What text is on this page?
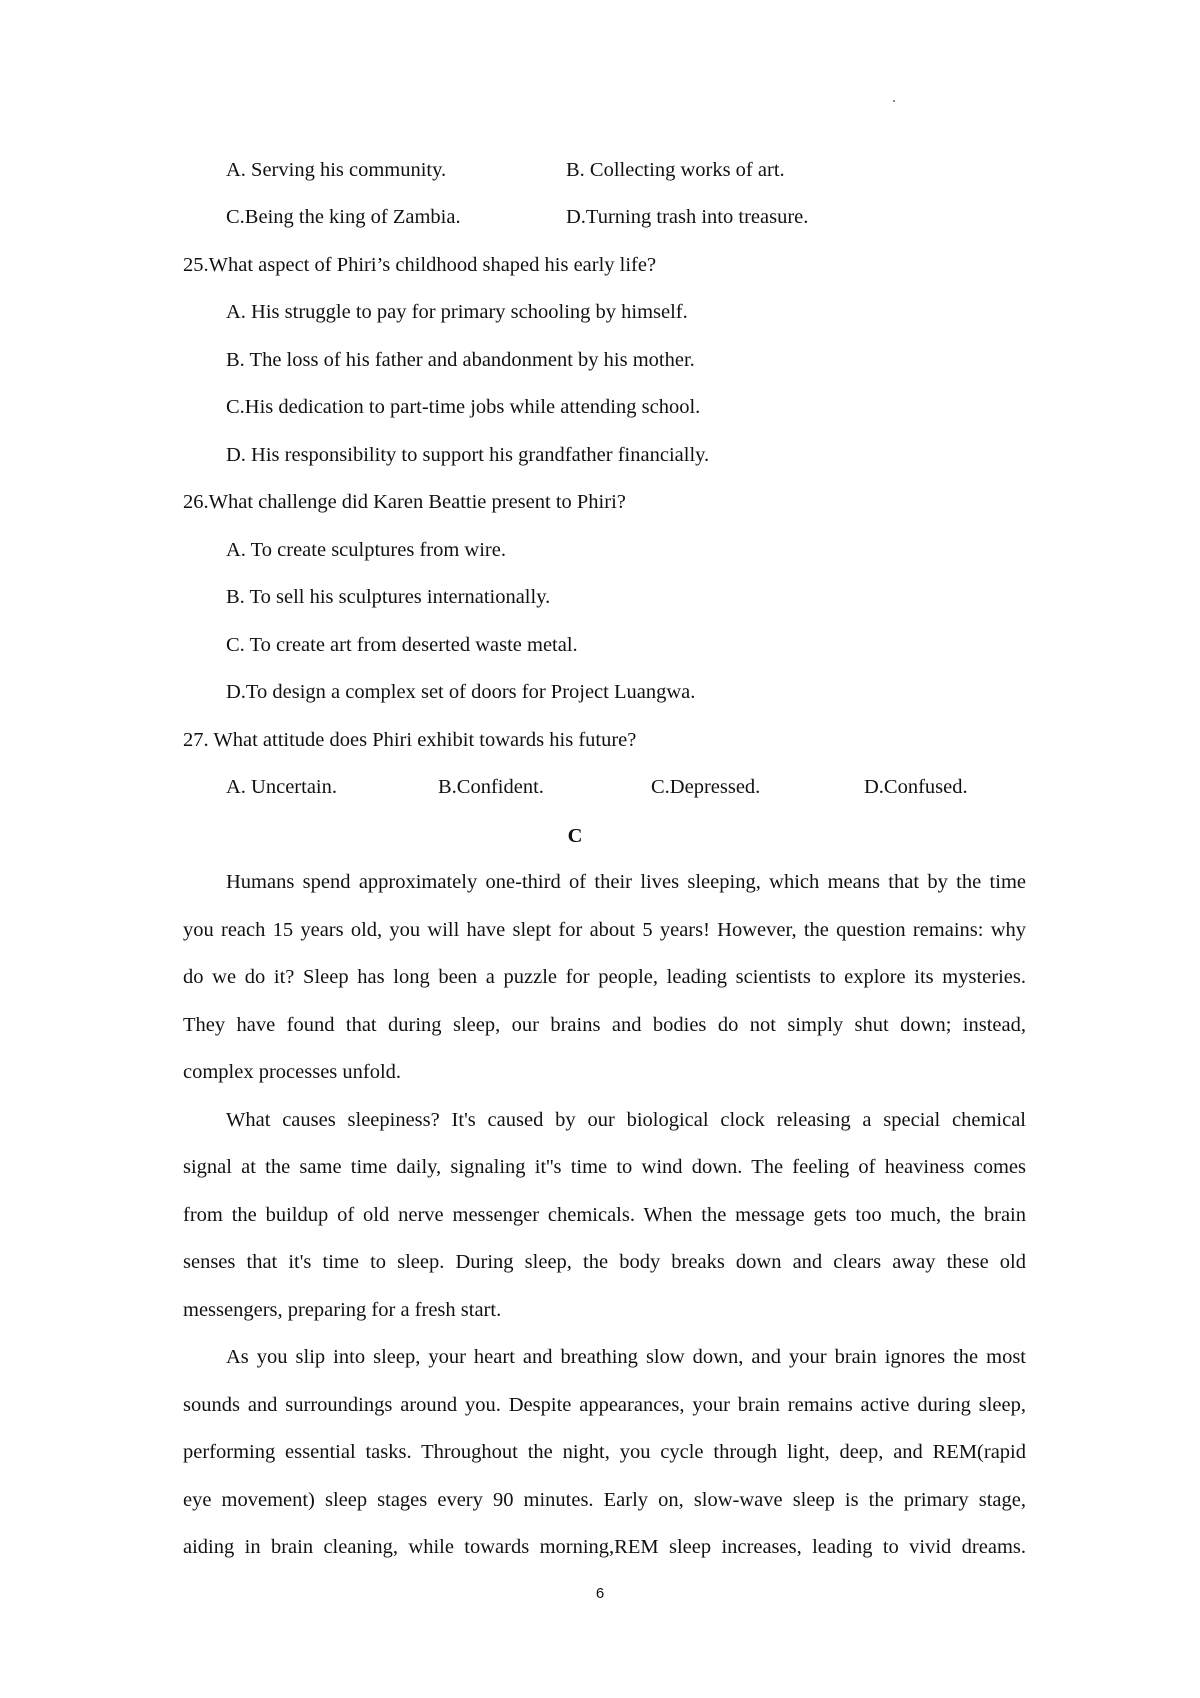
A. Serving his community.	B. Collecting works of art.
C.Being the king of Zambia.	D.Turning trash into treasure.
25.What aspect of Phiri’s childhood shaped his early life?
A. His struggle to pay for primary schooling by himself.
B. The loss of his father and abandonment by his mother.
C.His dedication to part-time jobs while attending school.
D. His responsibility to support his grandfather financially.
26.What challenge did Karen Beattie present to Phiri?
A. To create sculptures from wire.
B. To sell his sculptures internationally.
C. To create art from deserted waste metal.
D.To design a complex set of doors for Project Luangwa.
27. What attitude does Phiri exhibit towards his future?
A. Uncertain.	B.Confident.	C.Depressed.	D.Confused.
C
Humans spend approximately one-third of their lives sleeping, which means that by the time
you reach 15 years old, you will have slept for about 5 years! However, the question remains: why
do we do it? Sleep has long been a puzzle for people, leading scientists to explore its mysteries.
They have found that during sleep, our brains and bodies do not simply shut down; instead,
complex processes unfold.
What causes sleepiness? It's caused by our biological clock releasing a special chemical
signal at the same time daily, signaling it''s time to wind down. The feeling of heaviness comes
from the buildup of old nerve messenger chemicals. When the message gets too much, the brain
senses that it's time to sleep. During sleep, the body breaks down and clears away these old
messengers, preparing for a fresh start.
As you slip into sleep, your heart and breathing slow down, and your brain ignores the most
sounds and surroundings around you. Despite appearances, your brain remains active during sleep,
performing essential tasks. Throughout the night, you cycle through light, deep, and REM(rapid
eye movement) sleep stages every 90 minutes. Early on, slow-wave sleep is the primary stage,
aiding in brain cleaning, while towards morning,REM sleep increases, leading to vivid dreams.
6
